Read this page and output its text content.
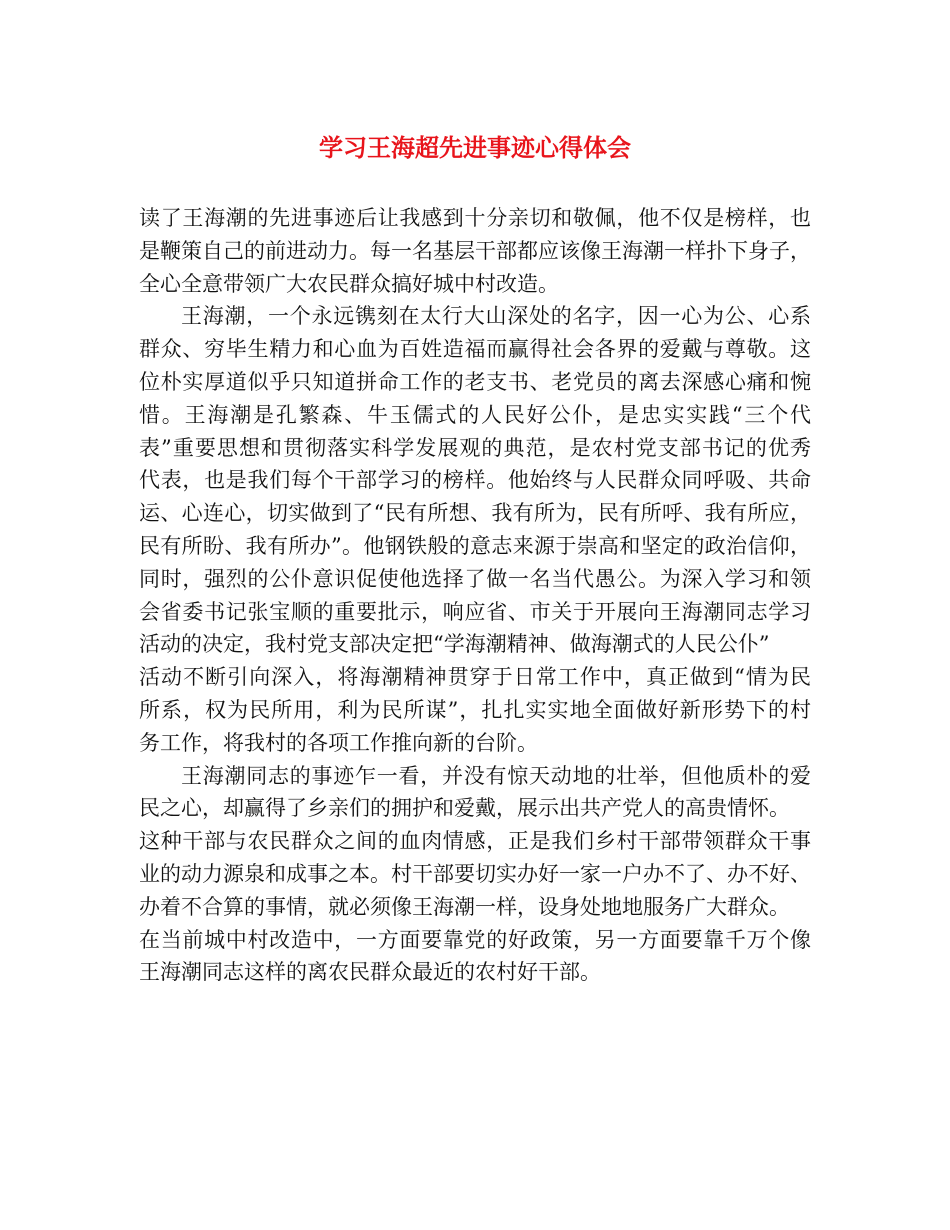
学习王海超先进事迹心得体会
读了王海潮的先进事迹后让我感到十分亲切和敬佩，他不仅是榜样，也
是鞭策自己的前进动力。每一名基层干部都应该像王海潮一样扑下身子，
全心全意带领广大农民群众搞好城中村改造。
王海潮，一个永远镌刻在太行大山深处的名字，因一心为公、心系
群众、穷毕生精力和心血为百姓造福而赢得社会各界的爱戴与尊敬。这
位朴实厚道似乎只知道拼命工作的老支书、老党员的离去深感心痛和惋
惜。王海潮是孔繁森、牛玉儒式的人民好公仆，是忠实实践“三个代
表”重要思想和贯彻落实科学发展观的典范，是农村党支部书记的优秀
代表，也是我们每个干部学习的榜样。他始终与人民群众同呼吸、共命
运、心连心，切实做到了“民有所想、我有所为，民有所呼、我有所应，
民有所盼、我有所办”。他钢铁般的意志来源于崇高和坚定的政治信仰，
同时，强烈的公仆意识促使他选择了做一名当代愚公。为深入学习和领
会省委书记张宝顺的重要批示，响应省、市关于开展向王海潮同志学习
活动的决定，我村党支部决定把“学海潮精神、做海潮式的人民公仆”
活动不断引向深入，将海潮精神贯穿于日常工作中，真正做到“情为民
所系，权为民所用，利为民所谋”，扎扎实实地全面做好新形势下的村
务工作，将我村的各项工作推向新的台阶。
王海潮同志的事迹乍一看，并没有惊天动地的壮举，但他质朴的爱
民之心，却赢得了乡亲们的拥护和爱戴，展示出共产党人的高贵情怀。
这种干部与农民群众之间的血肉情感，正是我们乡村干部带领群众干事
业的动力源泉和成事之本。村干部要切实办好一家一户办不了、办不好、
办着不合算的事情，就必须像王海潮一样，设身处地地服务广大群众。
在当前城中村改造中，一方面要靠党的好政策，另一方面要靠千万个像
王海潮同志这样的离农民群众最近的农村好干部。
